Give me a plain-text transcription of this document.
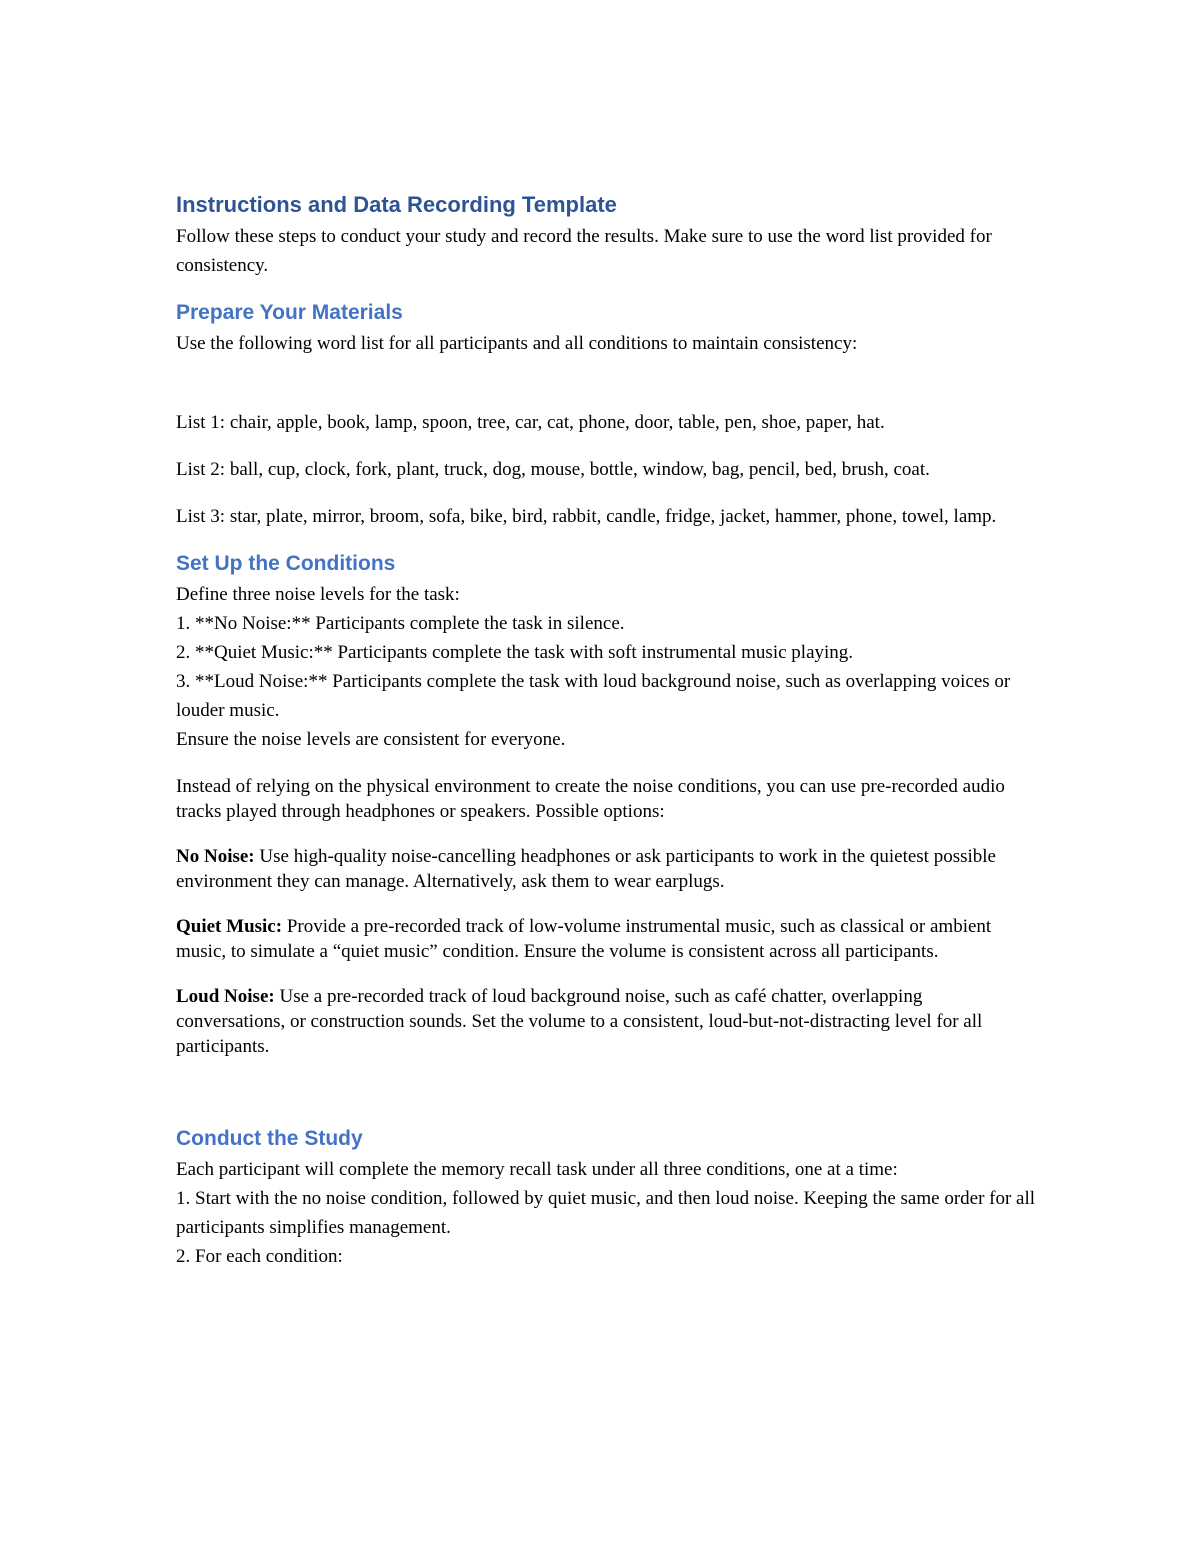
Instructions and Data Recording Template

Follow these steps to conduct your study and record the results. Make sure to use the word list provided for consistency.

Prepare Your Materials

Use the following word list for all participants and all conditions to maintain consistency:

List 1: chair, apple, book, lamp, spoon, tree, car, cat, phone, door, table, pen, shoe, paper, hat.

List 2: ball, cup, clock, fork, plant, truck, dog, mouse, bottle, window, bag, pencil, bed, brush, coat.

List 3: star, plate, mirror, broom, sofa, bike, bird, rabbit, candle, fridge, jacket, hammer, phone, towel, lamp.

Set Up the Conditions

Define three noise levels for the task:

1. **No Noise:** Participants complete the task in silence.

2. **Quiet Music:** Participants complete the task with soft instrumental music playing.

3. **Loud Noise:** Participants complete the task with loud background noise, such as overlapping voices or louder music.

Ensure the noise levels are consistent for everyone.

Instead of relying on the physical environment to create the noise conditions, you can use pre-recorded audio tracks played through headphones or speakers. Possible options:

No Noise: Use high-quality noise-cancelling headphones or ask participants to work in the quietest possible environment they can manage. Alternatively, ask them to wear earplugs.

Quiet Music: Provide a pre-recorded track of low-volume instrumental music, such as classical or ambient music, to simulate a “quiet music” condition. Ensure the volume is consistent across all participants.

Loud Noise: Use a pre-recorded track of loud background noise, such as café chatter, overlapping conversations, or construction sounds. Set the volume to a consistent, loud-but-not-distracting level for all participants.

Conduct the Study

Each participant will complete the memory recall task under all three conditions, one at a time:

1. Start with the no noise condition, followed by quiet music, and then loud noise. Keeping the same order for all participants simplifies management.

2. For each condition:
